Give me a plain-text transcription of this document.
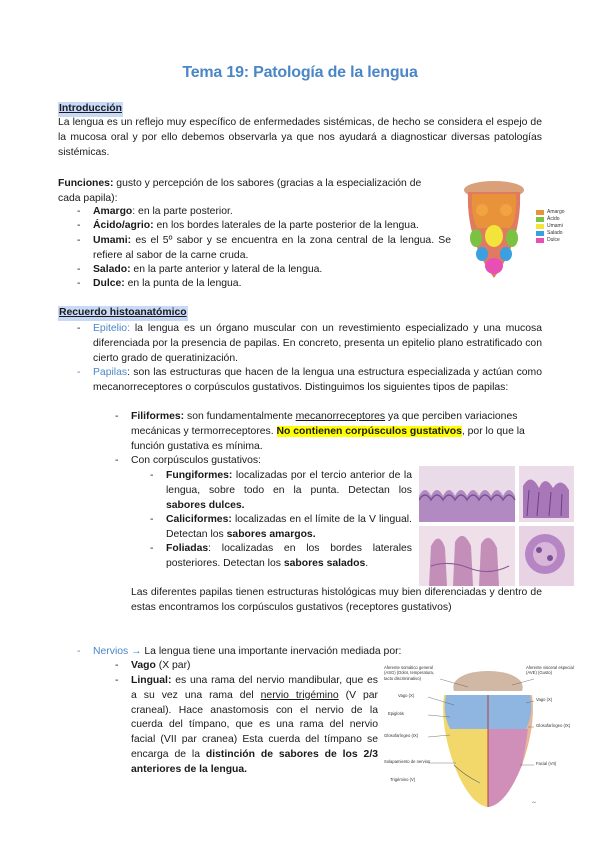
Tema 19: Patología de la lengua
Introducción
La lengua es un reflejo muy específico de enfermedades sistémicas, de hecho se considera el espejo de la mucosa oral y por ello debemos observarla ya que nos ayudará a diagnosticar diversas patologías sistémicas.
Funciones: gusto y percepción de los sabores (gracias a la especialización de cada papila):
- Amargo: en la parte posterior.
- Ácido/agrio: en los bordes laterales de la parte posterior de la lengua.
- Umami: es el 5º sabor y se encuentra en la zona central de la lengua. Se refiere al sabor de la carne cruda.
- Salado: en la parte anterior y lateral de la lengua.
- Dulce: en la punta de la lengua.
Amargo
Ácido
Umami
Salado
Dulce
Recuerdo histoanatómico
- Epitelio: la lengua es un órgano muscular con un revestimiento especializado y una mucosa diferenciada por la presencia de papilas. En concreto, presenta un epitelio plano estratificado con cierto grado de queratinización.
- Papilas: son las estructuras que hacen de la lengua una estructura especializada y actúan como mecanorreceptores o corpúsculos gustativos. Distinguimos los siguientes tipos de papilas:
- Filiformes: son fundamentalmente mecanorreceptores ya que perciben variaciones mecánicas y termorreceptores. No contienen corpúsculos gustativos, por lo que la función gustativa es mínima.
- Con corpúsculos gustativos:
- Fungiformes: localizadas por el tercio anterior de la lengua, sobre todo en la punta. Detectan los sabores dulces.
- Caliciformes: localizadas en el límite de la V lingual. Detectan los sabores amargos.
- Foliadas: localizadas en los bordes laterales posteriores. Detectan los sabores salados.
Las diferentes papilas tienen estructuras histológicas muy bien diferenciadas y dentro de estas encontramos los corpúsculos gustativos (receptores gustativos)
- Nervios → La lengua tiene una importante inervación mediada por:
- Vago (X par)
- Lingual: es una rama del nervio mandibular, que es a su vez una rama del nervio trigémino (V par craneal). Hace anastomosis con el nervio de la cuerda del tímpano, que es una rama del nervio facial (VII par cranea) Esta cuerda del tímpano se encarga de la distinción de sabores de los 2/3 anteriores de la lengua.
~
Aferente somático general (ASG) (Dolor, temperatura, tacto discriminativo)
Aferente visceral especial (AVE) (Gusto)
Vago (X)
Vago (X)
Epiglotis
Glosofaríngeo (IX)
Glosofaríngeo (IX)
Solapamiento de nervios
Trigémino (V)
Facial (VII)
